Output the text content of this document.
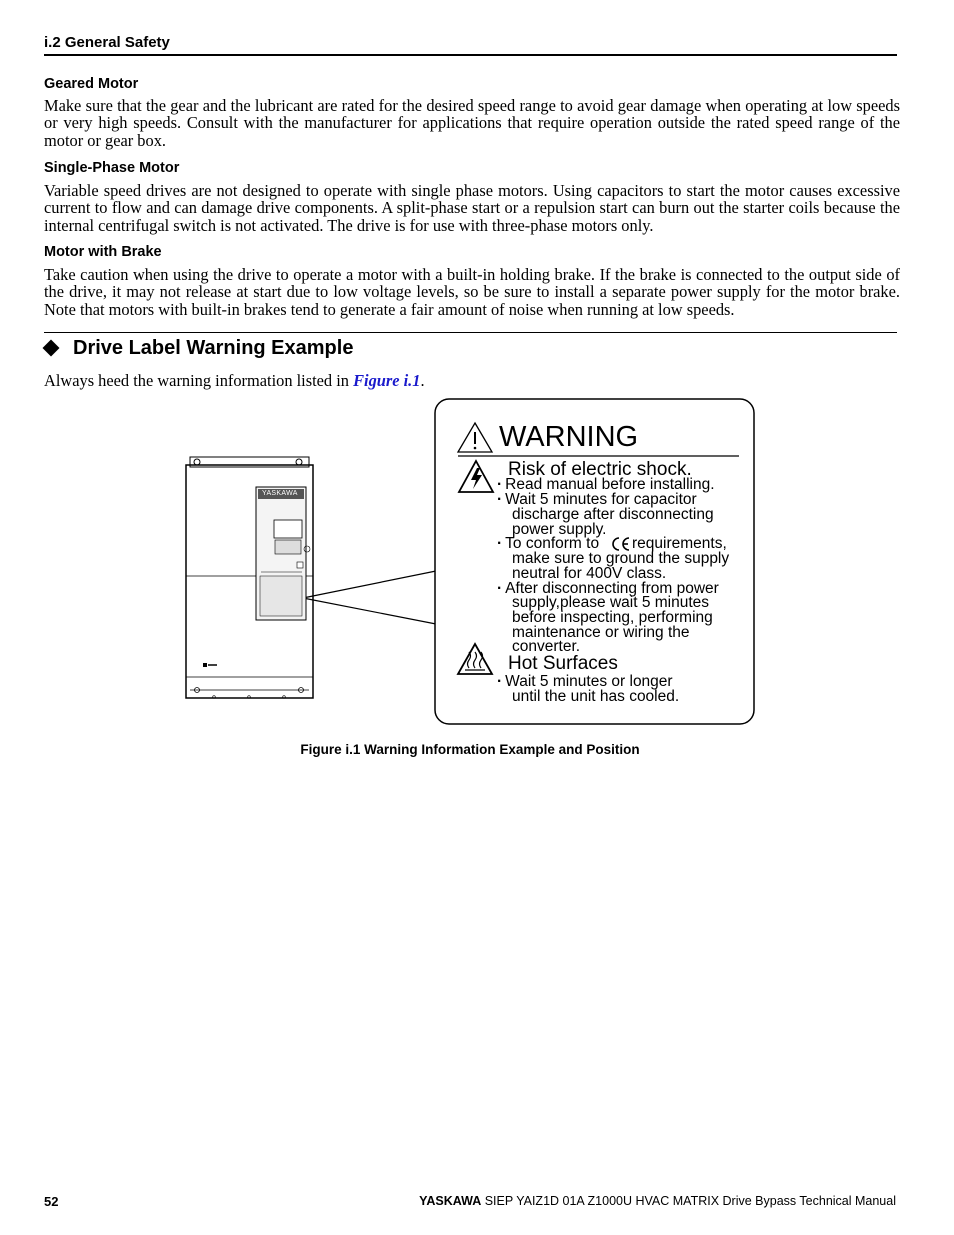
i.2 General Safety
Geared Motor
Make sure that the gear and the lubricant are rated for the desired speed range to avoid gear damage when operating at low speeds or very high speeds. Consult with the manufacturer for applications that require operation outside the rated speed range of the motor or gear box.
Single-Phase Motor
Variable speed drives are not designed to operate with single phase motors. Using capacitors to start the motor causes excessive current to flow and can damage drive components. A split-phase start or a repulsion start can burn out the starter coils because the internal centrifugal switch is not activated. The drive is for use with three-phase motors only.
Motor with Brake
Take caution when using the drive to operate a motor with a built-in holding brake. If the brake is connected to the output side of the drive, it may not release at start due to low voltage levels, so be sure to install a separate power supply for the motor brake. Note that motors with built-in brakes tend to generate a fair amount of noise when running at low speeds.
Drive Label Warning Example
Always heed the warning information listed in Figure i.1.
YASKAWA
WARNING
Risk of electric shock.
· Read manual before installing.
· Wait 5 minutes for capacitor
discharge after disconnecting
power supply.
· To conform to requirements,
make sure to ground the supply
neutral for 400V class.
· After disconnecting from power
supply,please wait 5 minutes
before inspecting, performing
maintenance or wiring the
converter.
Hot Surfaces
· Wait 5 minutes or longer
until the unit has cooled.
Figure i.1 Warning Information Example and Position
52	YASKAWA SIEP YAIZ1D 01A Z1000U HVAC MATRIX Drive Bypass Technical Manual
